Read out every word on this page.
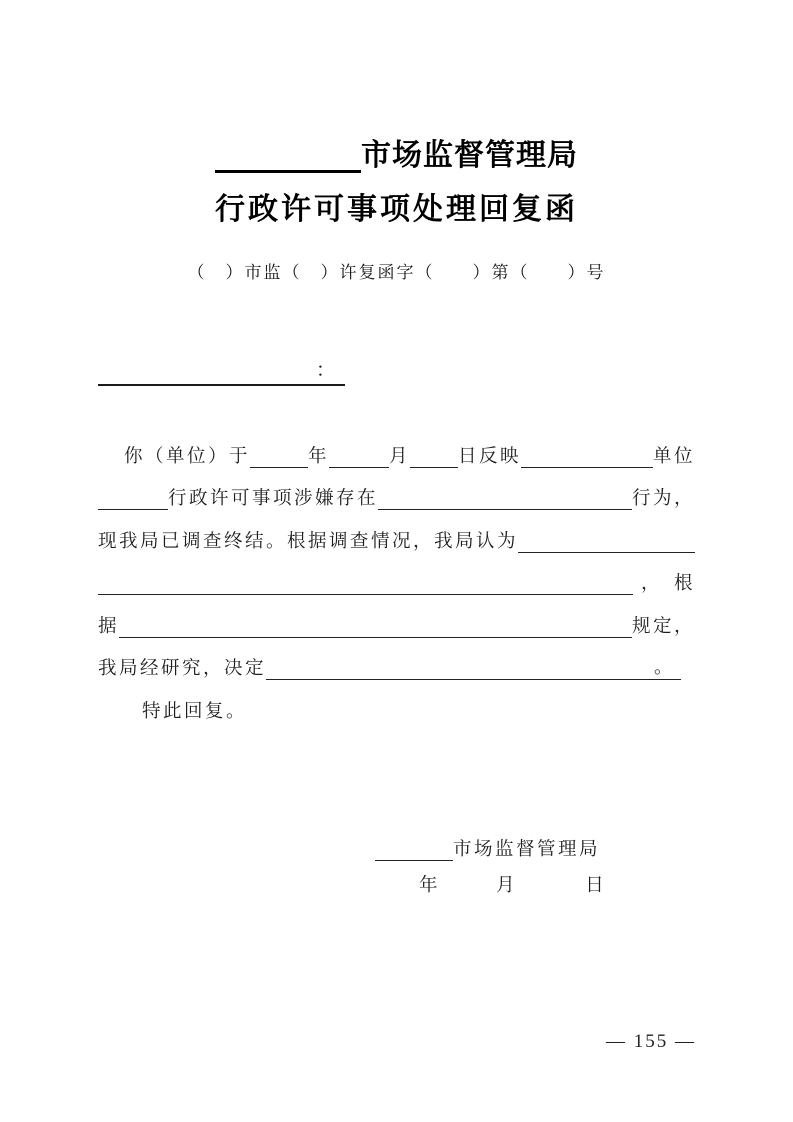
市场监督管理局
行政许可事项处理回复函
（　）市监（　）许复函字（　　）第（　　）号
：
你（单位）于	年	月	日反映	单位
行政许可事项涉嫌存在	行为，
现我局已调查终结。根据调查情况，我局认为
， 根
据	规定，
我局经研究，决定	。
特此回复。
市场监督管理局
年	月	日
— 155 —
